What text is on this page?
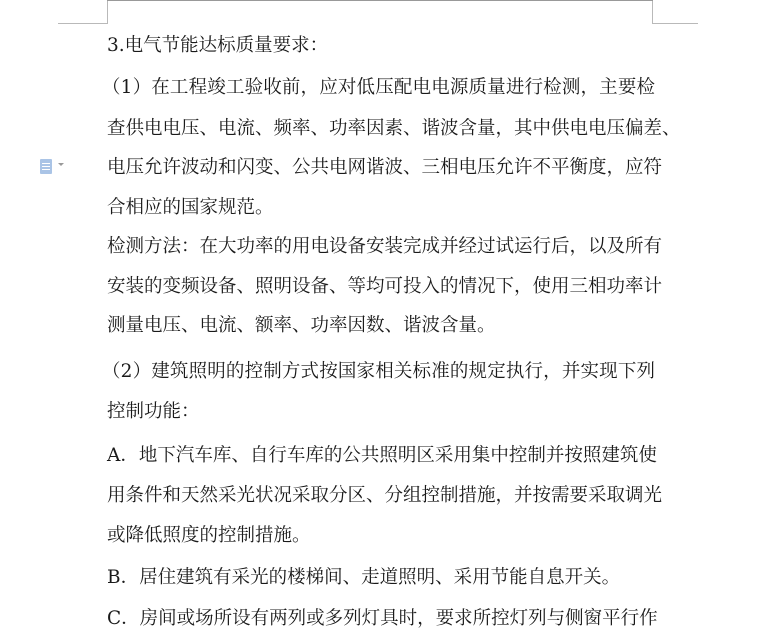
3.电气节能达标质量要求：
（1）在工程竣工验收前，应对低压配电电源质量进行检测，主要检
查供电电压、电流、频率、功率因素、谐波含量，其中供电电压偏差、
电压允许波动和闪变、公共电网谐波、三相电压允许不平衡度，应符
合相应的国家规范。
检测方法：在大功率的用电设备安装完成并经过试运行后，以及所有
安装的变频设备、照明设备、等均可投入的情况下，使用三相功率计
测量电压、电流、额率、功率因数、谐波含量。
（2）建筑照明的控制方式按国家相关标准的规定执行，并实现下列
控制功能：
A．地下汽车库、自行车库的公共照明区采用集中控制并按照建筑使
用条件和天然采光状况采取分区、分组控制措施，并按需要采取调光
或降低照度的控制措施。
B．居住建筑有采光的楼梯间、走道照明、采用节能自息开关。
C．房间或场所设有两列或多列灯具时，要求所控灯列与侧窗平行作
